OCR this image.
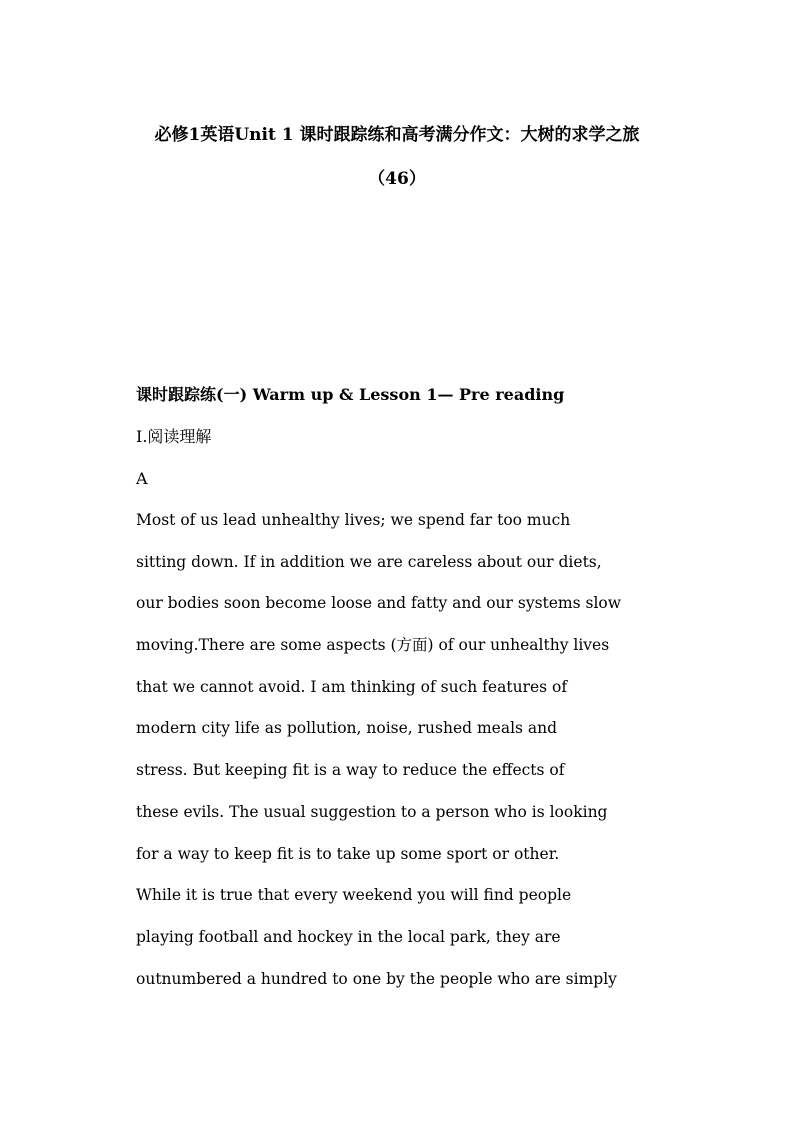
必修1英语Unit 1 课时跟踪练和高考满分作文：大树的求学之旅
（46）
课时跟踪练(一) Warm up & Lesson 1— Pre reading
Ⅰ.阅读理解
A
Most of us lead unhealthy lives; we spend far too much
sitting down. If in addition we are careless about our diets,
our bodies soon become loose and fatty and our systems slow
moving.There are some aspects (方面) of our unhealthy lives
that we cannot avoid. I am thinking of such features of
modern city life as pollution, noise, rushed meals and
stress. But keeping fit is a way to reduce the effects of
these evils. The usual suggestion to a person who is looking
for a way to keep fit is to take up some sport or other.
While it is true that every weekend you will find people
playing football and hockey in the local park, they are
outnumbered a hundred to one by the people who are simply
